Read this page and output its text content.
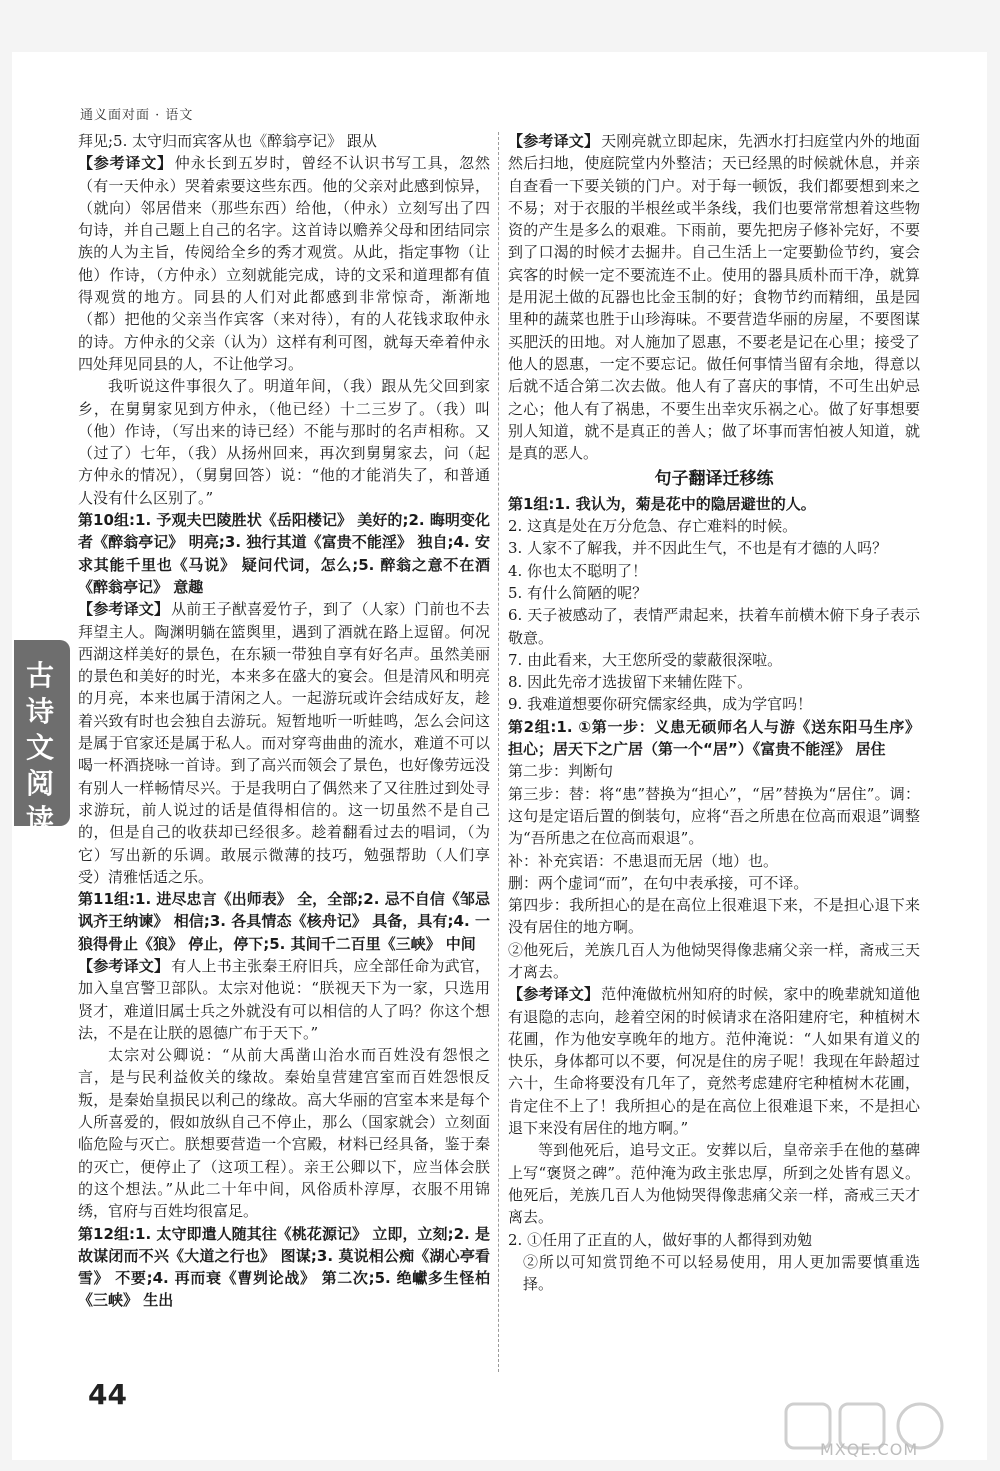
通义面对面 · 语文

拜见;5. 太守归而宾客从也《醉翁亭记》 跟从

【参考译文】 仲永长到五岁时，曾经不认识书写工具，忽然（有一天仲永）哭着索要这些东西。他的父亲对此感到惊异，（就向）邻居借来（那些东西）给他，（仲永）立刻写出了四句诗，并自己题上自己的名字。这首诗以赡养父母和团结同宗族的人为主旨，传阅给全乡的秀才观赏。从此，指定事物（让他）作诗，（方仲永）立刻就能完成，诗的文采和道理都有值得观赏的地方。同县的人们对此都感到非常惊奇，渐渐地（都）把他的父亲当作宾客（来对待），有的人花钱求取仲永的诗。方仲永的父亲（认为）这样有利可图，就每天牵着仲永四处拜见同县的人，不让他学习。

我听说这件事很久了。明道年间，（我）跟从先父回到家乡，在舅舅家见到方仲永，（他已经）十二三岁了。（我）叫（他）作诗，（写出来的诗已经）不能与那时的名声相称。又（过了）七年，（我）从扬州回来，再次到舅舅家去，问（起方仲永的情况），（舅舅回答）说：“他的才能消失了，和普通人没有什么区别了。”

第10组:1. 予观夫巴陵胜状《岳阳楼记》 美好的;2. 晦明变化者《醉翁亭记》 明亮;3. 独行其道《富贵不能淫》 独自;4. 安求其能千里也《马说》 疑问代词，怎么;5. 醉翁之意不在酒《醉翁亭记》 意趣

【参考译文】 从前王子猷喜爱竹子，到了（人家）门前也不去拜望主人。陶渊明躺在篮舆里，遇到了酒就在路上逗留。何况西湖这样美好的景色，在东颍一带独自享有好名声。虽然美丽的景色和美好的时光，本来多在盛大的宴会。但是清风和明亮的月亮，本来也属于清闲之人。一起游玩或许会结成好友，趁着兴致有时也会独自去游玩。短暂地听一听蛙鸣，怎么会问这是属于官家还是属于私人。而对穿弯曲曲的流水，难道不可以喝一杯酒挠咏一首诗。到了高兴而领会了景色，也好像劳远没有别人一样畅情尽兴。于是我明白了偶然来了又往胜过到处寻求游玩，前人说过的话是值得相信的。这一切虽然不是自己的，但是自己的收获却已经很多。趁着翻看过去的唱词，（为它）写出新的乐调。敢展示微薄的技巧，勉强帮助（人们享受）清雅恬适之乐。

第11组:1. 进尽忠言《出师表》 全，全部;2. 忌不自信《邹忌讽齐王纳谏》 相信;3. 各具情态《核舟记》 具备，具有;4. 一狼得骨止《狼》 停止，停下;5. 其间千二百里《三峡》 中间

【参考译文】 有人上书主张秦王府旧兵，应全部任命为武官，加入皇宫警卫部队。太宗对他说：“朕视天下为一家，只选用贤才，难道旧属士兵之外就没有可以相信的人了吗？你这个想法，不是在让朕的恩德广布于天下。”

太宗对公卿说：“从前大禹凿山治水而百姓没有怨恨之言，是与民利益攸关的缘故。秦始皇营建宫室而百姓怨恨反叛，是秦始皇损民以利己的缘故。高大华丽的宫室本来是每个人所喜爱的，假如放纵自己不停止，那么（国家就会）立刻面临危险与灭亡。朕想要营造一个宫殿，材料已经具备，鉴于秦的灭亡，便停止了（这项工程）。亲王公卿以下，应当体会朕的这个想法。”从此二十年中间，风俗质朴淳厚，衣服不用锦绣，官府与百姓均很富足。

第12组:1. 太守即遣人随其往《桃花源记》 立即，立刻;2. 是故谋闭而不兴《大道之行也》 图谋;3. 莫说相公痴《湖心亭看雪》 不要;4. 再而衰《曹刿论战》 第二次;5. 绝巘多生怪柏《三峡》 生出

【参考译文】 天刚亮就立即起床，先洒水打扫庭堂内外的地面然后扫地，使庭院堂内外整洁；天已经黑的时候就休息，并亲自查看一下要关锁的门户。对于每一顿饭，我们都要想到来之不易；对于衣服的半根丝或半条线，我们也要常常想着这些物资的产生是多么的艰难。下雨前，要先把房子修补完好，不要到了口渴的时候才去掘井。自己生活上一定要勤俭节约，宴会宾客的时候一定不要流连不止。使用的器具质朴而干净，就算是用泥土做的瓦器也比金玉制的好；食物节约而精细，虽是园里种的蔬菜也胜于山珍海味。不要营造华丽的房屋，不要图谋买肥沃的田地。对人施加了恩惠，不要老是记在心里；接受了他人的恩惠，一定不要忘记。做任何事情当留有余地，得意以后就不适合第二次去做。他人有了喜庆的事情，不可生出妒忌之心；他人有了祸患，不要生出幸灾乐祸之心。做了好事想要别人知道，就不是真正的善人；做了坏事而害怕被人知道，就是真的恶人。

句子翻译迁移练

第1组:1. 我认为，菊是花中的隐居避世的人。

2. 这真是处在万分危急、存亡难料的时候。

3. 人家不了解我，并不因此生气，不也是有才德的人吗？

4. 你也太不聪明了！

5. 有什么简陋的呢？

6. 天子被感动了，表情严肃起来，扶着车前横木俯下身子表示敬意。

7. 由此看来，大王您所受的蒙蔽很深啦。

8. 因此先帝才选拔留下来辅佐陛下。

9. 我难道想要你研究儒家经典，成为学官吗！

第2组:1. ①第一步：义患无硕师名人与游《送东阳马生序》 担心；居天下之广居（第一个“居”）《富贵不能淫》 居住

第二步：判断句

第三步：替：将“患”替换为“担心”，“居”替换为“居住”。调：这句是定语后置的倒装句，应将“吾之所患在位高而艰退”调整为“吾所患之在位高而艰退”。

补：补充宾语：不患退而无居（地）也。

删：两个虚词“而”，在句中表承接，可不译。

第四步：我所担心的是在高位上很难退下来，不是担心退下来没有居住的地方啊。

②他死后，羌族几百人为他恸哭得像悲痛父亲一样，斋戒三天才离去。

【参考译文】 范仲淹做杭州知府的时候，家中的晚辈就知道他有退隐的志向，趁着空闲的时候请求在洛阳建府宅，种植树木花圃，作为他安享晚年的地方。范仲淹说：“人如果有道义的快乐，身体都可以不要，何况是住的房子呢！我现在年龄超过六十，生命将要没有几年了，竟然考虑建府宅种植树木花圃，肯定住不上了！我所担心的是在高位上很难退下来，不是担心退下来没有居住的地方啊。”

等到他死后，追号文正。安葬以后，皇帝亲手在他的墓碑上写“褒贤之碑”。范仲淹为政主张忠厚，所到之处皆有恩义。他死后，羌族几百人为他恸哭得像悲痛父亲一样，斋戒三天才离去。

2. ①任用了正直的人，做好事的人都得到劝勉

②所以可知赏罚绝不可以轻易使用，用人更加需要慎重选择。

古诗文阅读
44
MXQE.COM
